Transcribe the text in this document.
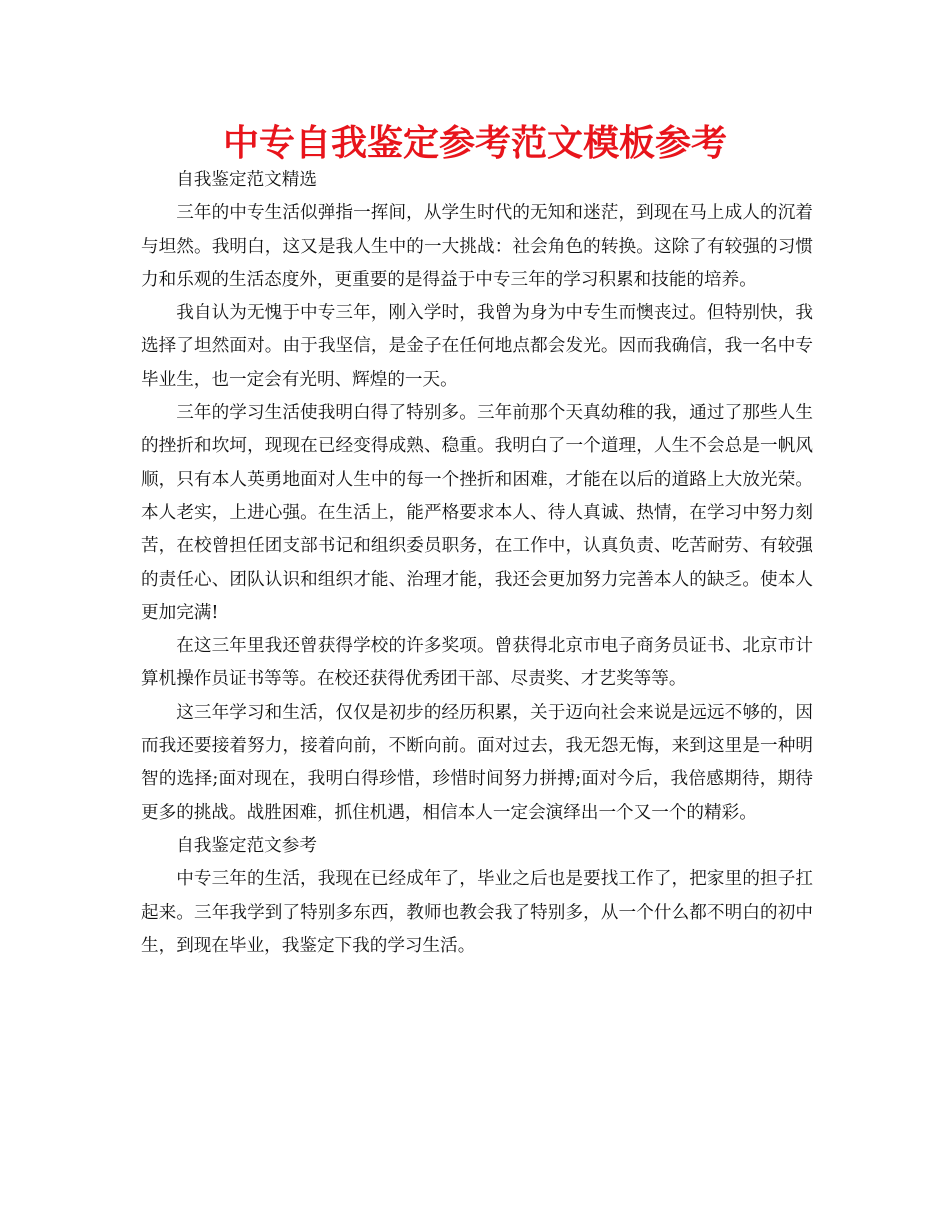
中专自我鉴定参考范文模板参考

自我鉴定范文精选

三年的中专生活似弹指一挥间，从学生时代的无知和迷茫，到现在马上成人的沉着与坦然。我明白，这又是我人生中的一大挑战：社会角色的转换。这除了有较强的习惯力和乐观的生活态度外，更重要的是得益于中专三年的学习积累和技能的培养。

我自认为无愧于中专三年，刚入学时，我曾为身为中专生而懊丧过。但特别快，我选择了坦然面对。由于我坚信，是金子在任何地点都会发光。因而我确信，我一名中专毕业生，也一定会有光明、辉煌的一天。

三年的学习生活使我明白得了特别多。三年前那个天真幼稚的我，通过了那些人生的挫折和坎坷，现现在已经变得成熟、稳重。我明白了一个道理，人生不会总是一帆风顺，只有本人英勇地面对人生中的每一个挫折和困难，才能在以后的道路上大放光荣。本人老实，上进心强。在生活上，能严格要求本人、待人真诚、热情，在学习中努力刻苦，在校曾担任团支部书记和组织委员职务，在工作中，认真负责、吃苦耐劳、有较强的责任心、团队认识和组织才能、治理才能，我还会更加努力完善本人的缺乏。使本人更加完满!

在这三年里我还曾获得学校的许多奖项。曾获得北京市电子商务员证书、北京市计算机操作员证书等等。在校还获得优秀团干部、尽责奖、才艺奖等等。

这三年学习和生活，仅仅是初步的经历积累，关于迈向社会来说是远远不够的，因而我还要接着努力，接着向前，不断向前。面对过去，我无怨无悔，来到这里是一种明智的选择;面对现在，我明白得珍惜，珍惜时间努力拼搏;面对今后，我倍感期待，期待更多的挑战。战胜困难，抓住机遇，相信本人一定会演绎出一个又一个的精彩。

自我鉴定范文参考

中专三年的生活，我现在已经成年了，毕业之后也是要找工作了，把家里的担子扛起来。三年我学到了特别多东西，教师也教会我了特别多，从一个什么都不明白的初中生，到现在毕业，我鉴定下我的学习生活。
